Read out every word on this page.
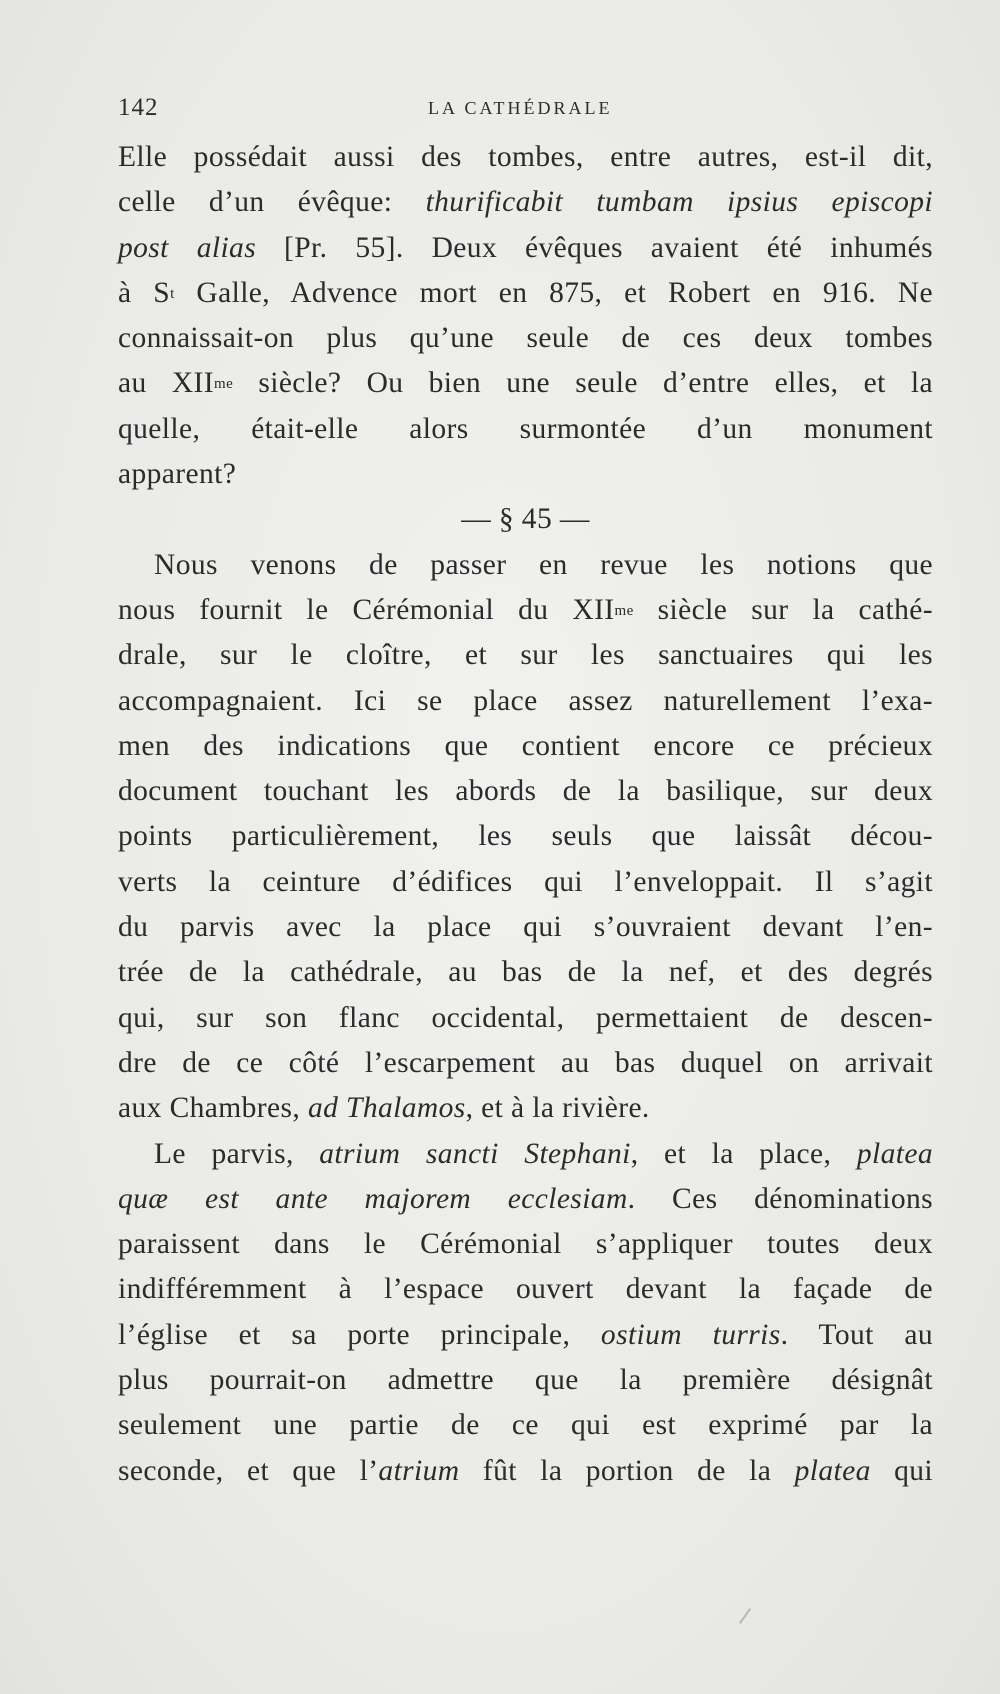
142	LA CATHÉDRALE
Elle possédait aussi des tombes, entre autres, est-il dit,
celle d’un évêque: thurificabit tumbam ipsius episcopi
post alias [Pr. 55]. Deux évêques avaient été inhumés
à $S^t$ Galle, Advence mort en 875, et Robert en 916. Ne
connaissait-on plus qu’une seule de ces deux tombes
au $XII^{me}$ siècle? Ou bien une seule d’entre elles, et la
quelle, était-elle alors surmontée d’un monument
apparent?
— § 45 —
Nous venons de passer en revue les notions que
nous fournit le Cérémonial du $XII^{me}$ siècle sur la cathé-
drale, sur le cloître, et sur les sanctuaires qui les
accompagnaient. Ici se place assez naturellement l’exa-
men des indications que contient encore ce précieux
document touchant les abords de la basilique, sur deux
points particulièrement, les seuls que laissât décou-
verts la ceinture d’édifices qui l’enveloppait. Il s’agit
du parvis avec la place qui s’ouvraient devant l’en-
trée de la cathédrale, au bas de la nef, et des degrés
qui, sur son flanc occidental, permettaient de descen-
dre de ce côté l’escarpement au bas duquel on arrivait
aux Chambres, ad Thalamos, et à la rivière.
Le parvis, atrium sancti Stephani, et la place, platea
quæ est ante majorem ecclesiam. Ces dénominations
paraissent dans le Cérémonial s’appliquer toutes deux
indifféremment à l’espace ouvert devant la façade de
l’église et sa porte principale, ostium turris. Tout au
plus pourrait-on admettre que la première désignât
seulement une partie de ce qui est exprimé par la
seconde, et que l’atrium fût la portion de la platea qui
